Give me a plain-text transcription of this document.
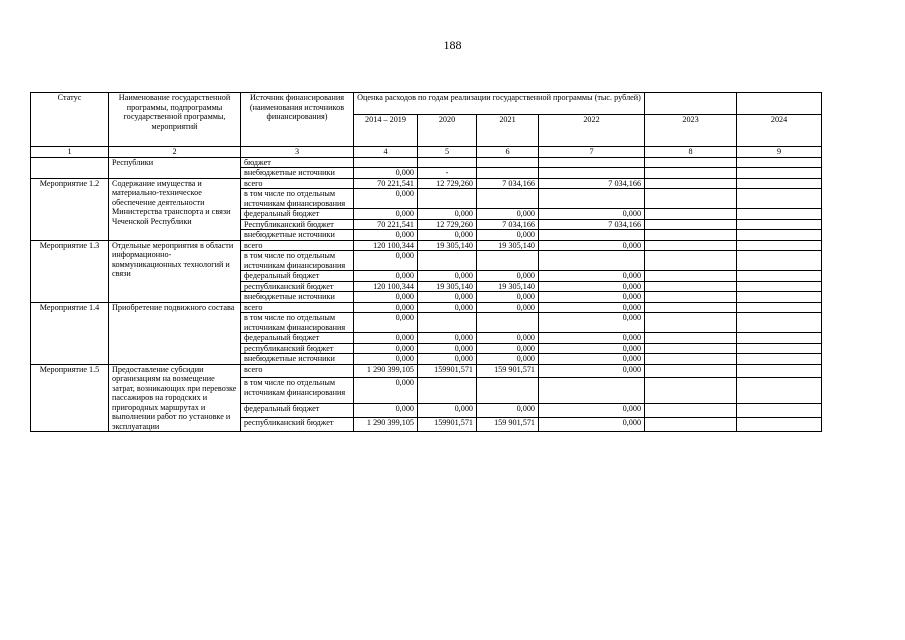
188
Статус	Наименование государственной программы, подпрограммы государственной программы, мероприятий	Источник финансирования (наименования источников финансирования)	Оценка расходов по годам реализации государственной программы (тыс. рублей)					
			2014 – 2019	2020	2021	2022	2023	2024
1	2	3	4	5	6	7	8	9
	Республики	бюджет						
		внебюджетные источники	0,000	-				
Мероприятие 1.2	Содержание имущества и материально-техническое обеспечение деятельности Министерства транспорта и связи Чеченской Республики	всего	70 221,541	12 729,260	7 034,166	7 034,166		
		в том числе по отдельным источникам финансирования	0,000					
		федеральный бюджет	0,000	0,000	0,000	0,000		
		Республиканский бюджет	70 221,541	12 729,260	7 034,166	7 034,166		
		внебюджетные источники	0,000	0,000	0,000			
Мероприятие 1.3	Отдельные мероприятия в области информационно-коммуникационных технологий и связи	всего	120 100,344	19 305,140	19 305,140	0,000		
		в том числе по отдельным источникам финансирования	0,000					
		федеральный бюджет	0,000	0,000	0,000	0,000		
		республиканский бюджет	120 100,344	19 305,140	19 305,140	0,000		
		внебюджетные источники	0,000	0,000	0,000	0,000		
Мероприятие 1.4	Приобретение подвижного состава	всего	0,000	0,000	0,000	0,000		
		в том числе по отдельным источникам финансирования	0,000			0,000		
		федеральный бюджет	0,000	0,000	0,000	0,000		
		республиканский бюджет	0,000	0,000	0,000	0,000		
		внебюджетные источники	0,000	0,000	0,000	0,000		
Мероприятие 1.5	Предоставление субсидии организациям на возмещение затрат, возникающих при перевозке пассажиров на городских и пригородных маршрутах и выполнении работ по установке и эксплуатации	всего	1 290 399,105	159901,571	159 901,571	0,000		
		в том числе по отдельным источникам финансирования	0,000					
		федеральный бюджет	0,000	0,000	0,000	0,000		
		республиканский бюджет	1 290 399,105	159901,571	159 901,571	0,000		
